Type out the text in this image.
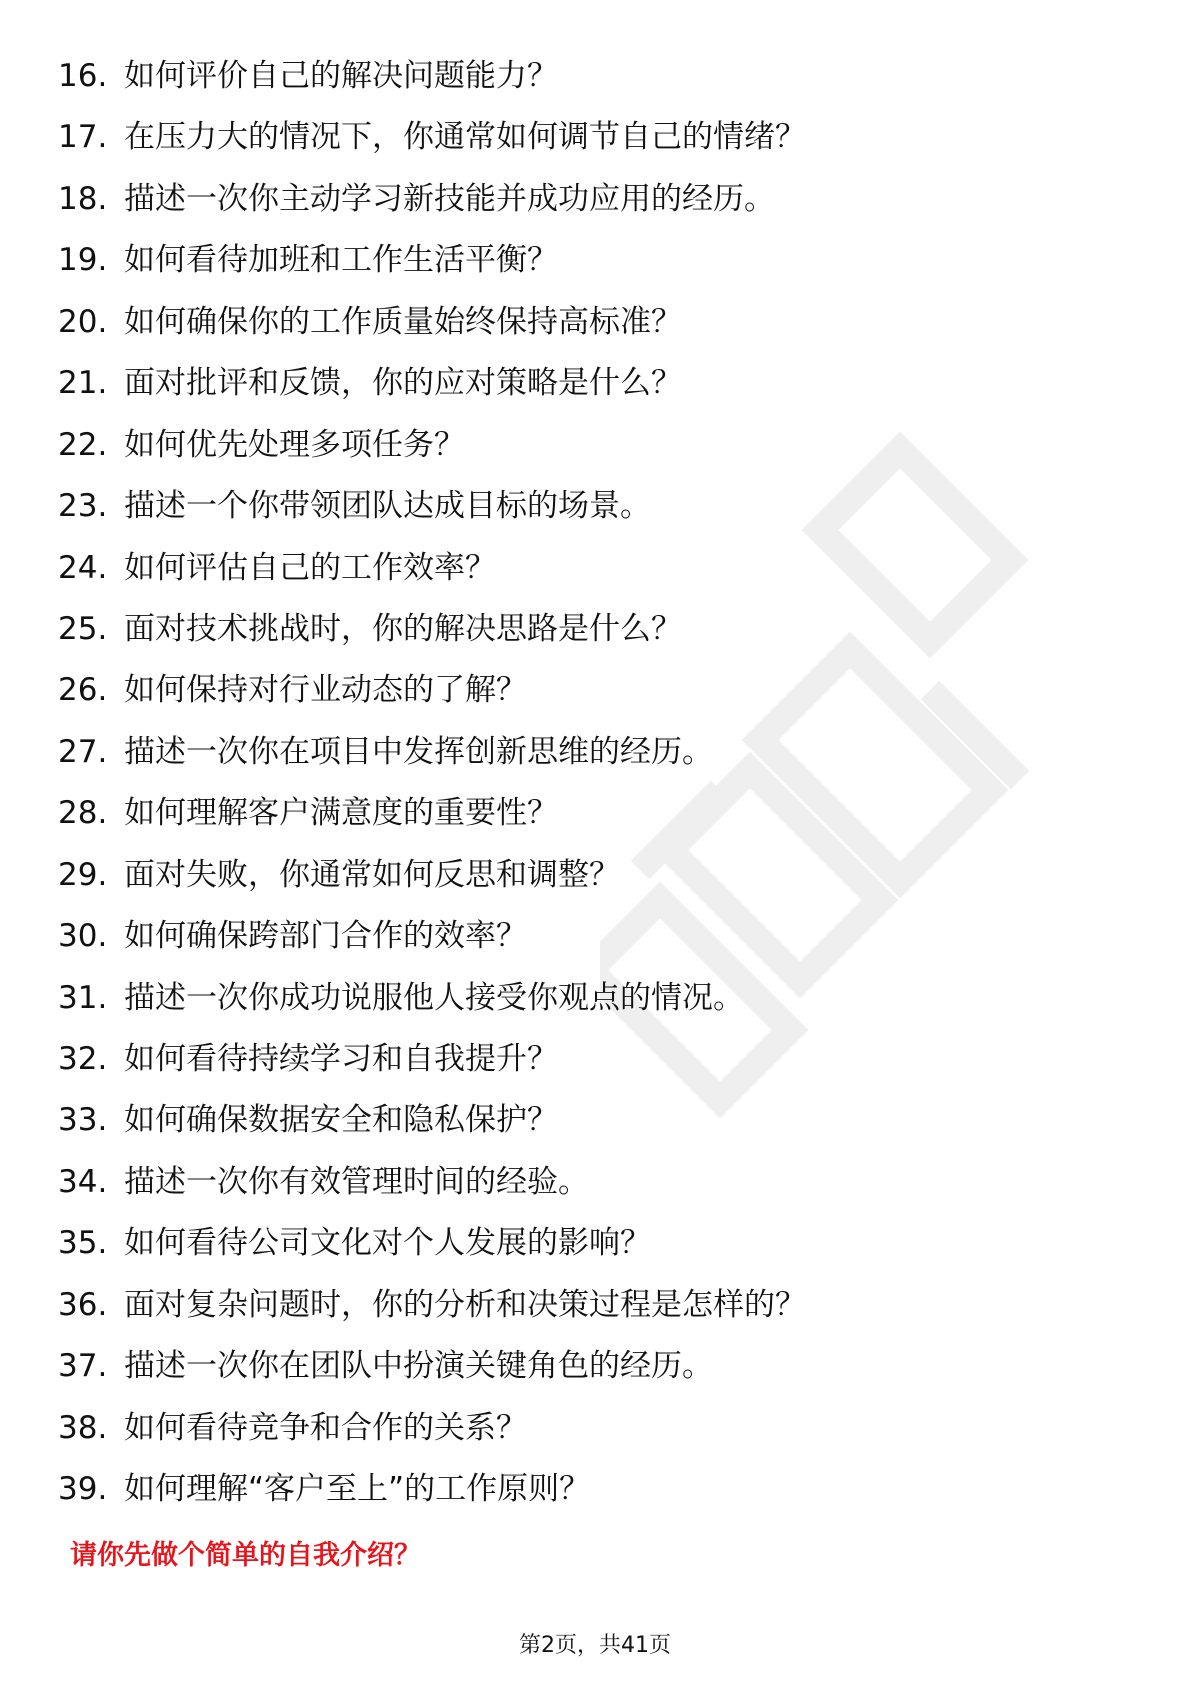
16. 如何评价自己的解决问题能力？
17. 在压力大的情况下，你通常如何调节自己的情绪？
18. 描述一次你主动学习新技能并成功应用的经历。
19. 如何看待加班和工作生活平衡？
20. 如何确保你的工作质量始终保持高标准？
21. 面对批评和反馈，你的应对策略是什么？
22. 如何优先处理多项任务？
23. 描述一个你带领团队达成目标的场景。
24. 如何评估自己的工作效率？
25. 面对技术挑战时，你的解决思路是什么？
26. 如何保持对行业动态的了解？
27. 描述一次你在项目中发挥创新思维的经历。
28. 如何理解客户满意度的重要性？
29. 面对失败，你通常如何反思和调整？
30. 如何确保跨部门合作的效率？
31. 描述一次你成功说服他人接受你观点的情况。
32. 如何看待持续学习和自我提升？
33. 如何确保数据安全和隐私保护？
34. 描述一次你有效管理时间的经验。
35. 如何看待公司文化对个人发展的影响？
36. 面对复杂问题时，你的分析和决策过程是怎样的？
37. 描述一次你在团队中扮演关键角色的经历。
38. 如何看待竞争和合作的关系？
39. 如何理解“客户至上”的工作原则？
请你先做个简单的自我介绍？
第2页，共41页
